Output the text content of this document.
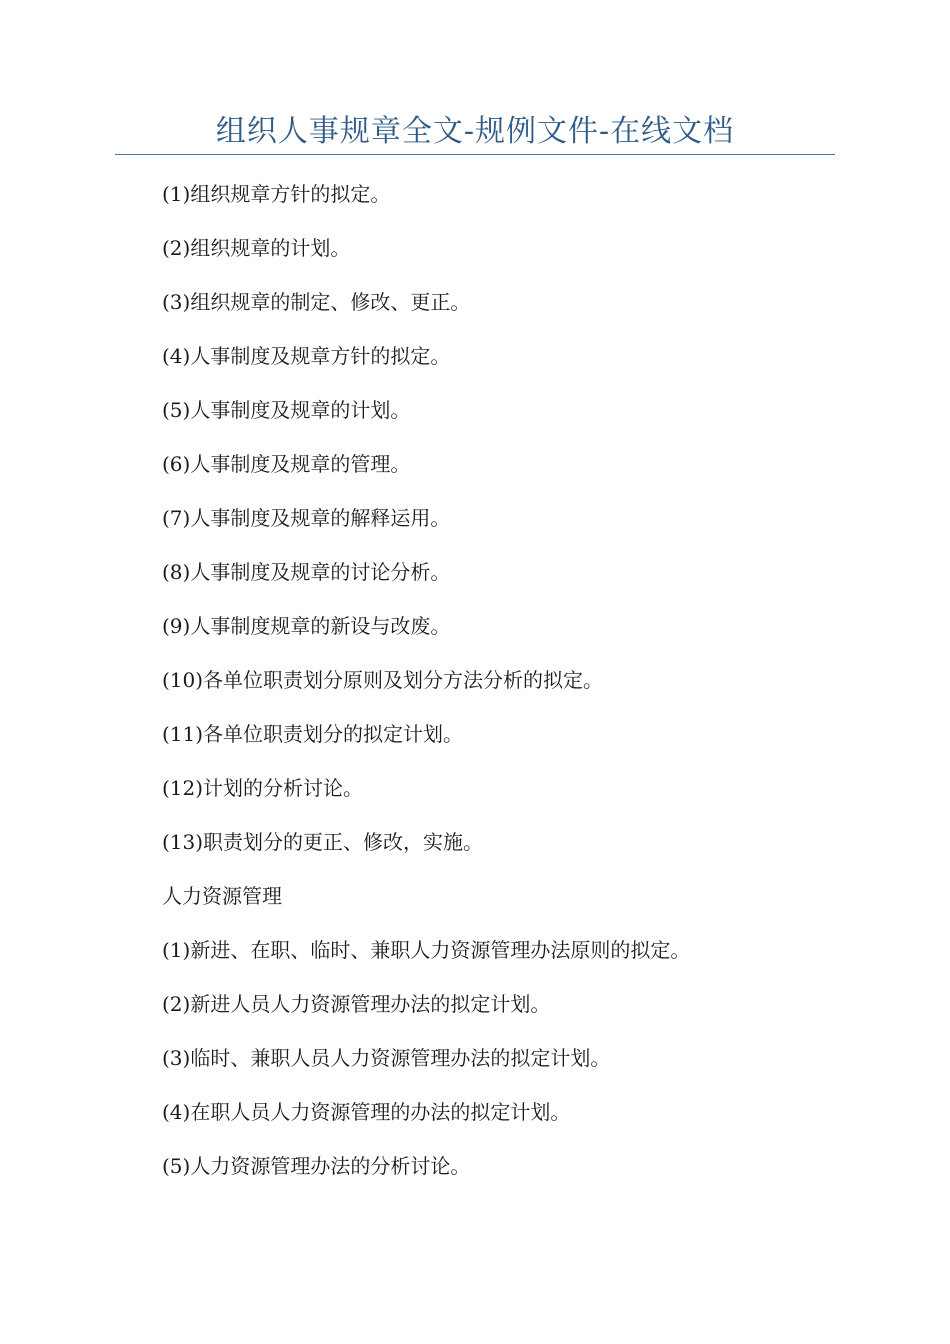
组织人事规章全文-规例文件-在线文档
(1)组织规章方针的拟定。
(2)组织规章的计划。
(3)组织规章的制定、修改、更正。
(4)人事制度及规章方针的拟定。
(5)人事制度及规章的计划。
(6)人事制度及规章的管理。
(7)人事制度及规章的解释运用。
(8)人事制度及规章的讨论分析。
(9)人事制度规章的新设与改废。
(10)各单位职责划分原则及划分方法分析的拟定。
(11)各单位职责划分的拟定计划。
(12)计划的分析讨论。
(13)职责划分的更正、修改，实施。
人力资源管理
(1)新进、在职、临时、兼职人力资源管理办法原则的拟定。
(2)新进人员人力资源管理办法的拟定计划。
(3)临时、兼职人员人力资源管理办法的拟定计划。
(4)在职人员人力资源管理的办法的拟定计划。
(5)人力资源管理办法的分析讨论。
